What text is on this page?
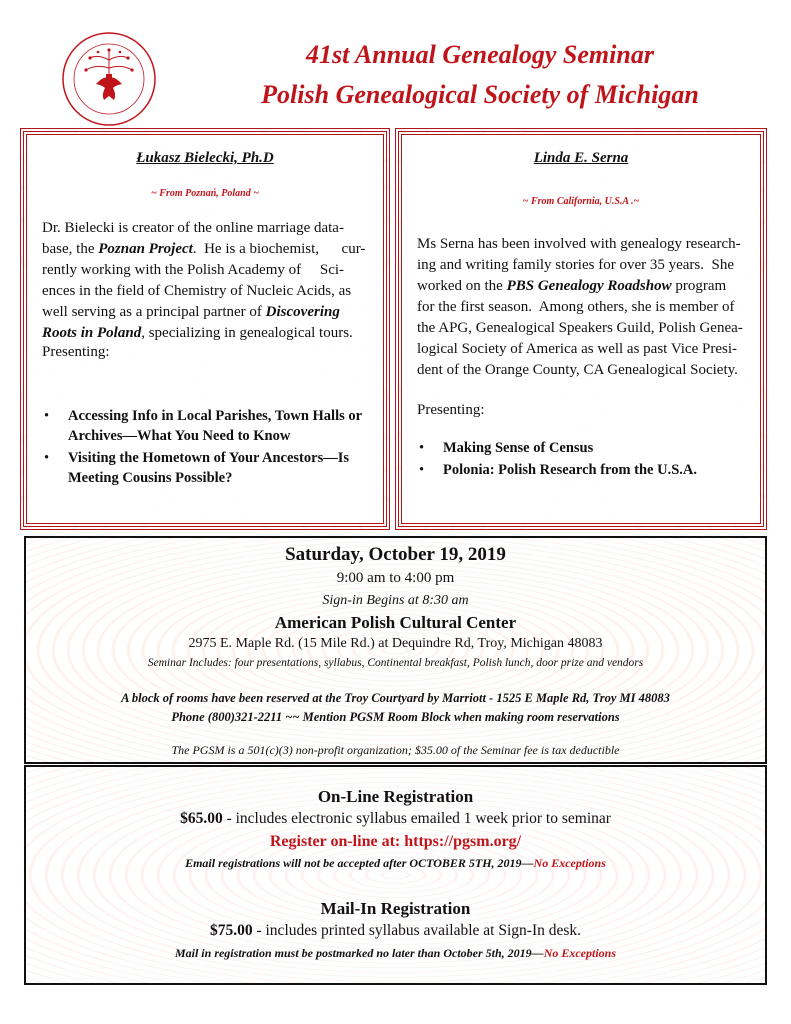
41st Annual Genealogy Seminar
Polish Genealogical Society of Michigan
Łukasz Bielecki, Ph.D
~ From Poznań, Poland ~
Dr. Bielecki is creator of the online marriage data-
base, the Poznan Project.  He is a biochemist,      cur-
rently working with the Polish Academy of     Sci-
ences in the field of Chemistry of Nucleic Acids, as
well serving as a principal partner of Discovering
Roots in Poland, specializing in genealogical tours.
Presenting:
• Accessing Info in Local Parishes, Town Halls or Archives—What You Need to Know
• Visiting the Hometown of Your Ancestors—Is Meeting Cousins Possible?
Linda E. Serna
~ From California, U.S.A .~
Ms Serna has been involved with genealogy research-
ing and writing family stories for over 35 years.  She
worked on the PBS Genealogy Roadshow program
for the first season.  Among others, she is member of
the APG, Genealogical Speakers Guild, Polish Genea-
logical Society of America as well as past Vice Presi-
dent of the Orange County, CA Genealogical Society.
Presenting:
• Making Sense of Census
• Polonia: Polish Research from the U.S.A.
Saturday, October 19, 2019
9:00 am to 4:00 pm
Sign-in Begins at 8:30 am
American Polish Cultural Center
2975 E. Maple Rd. (15 Mile Rd.) at Dequindre Rd, Troy, Michigan 48083
Seminar Includes: four presentations, syllabus, Continental breakfast, Polish lunch, door prize and vendors
A block of rooms have been reserved at the Troy Courtyard by Marriott - 1525 E Maple Rd, Troy MI 48083
Phone (800)321-2211 ~~ Mention PGSM Room Block when making room reservations
The PGSM is a 501(c)(3) non-profit organization; $35.00 of the Seminar fee is tax deductible
On-Line Registration
$65.00 - includes electronic syllabus emailed 1 week prior to seminar
Register on-line at: https://pgsm.org/
Email registrations will not be accepted after OCTOBER 5TH, 2019—No Exceptions
Mail-In Registration
$75.00 - includes printed syllabus available at Sign-In desk.
Mail in registration must be postmarked no later than October 5th, 2019—No Exceptions
